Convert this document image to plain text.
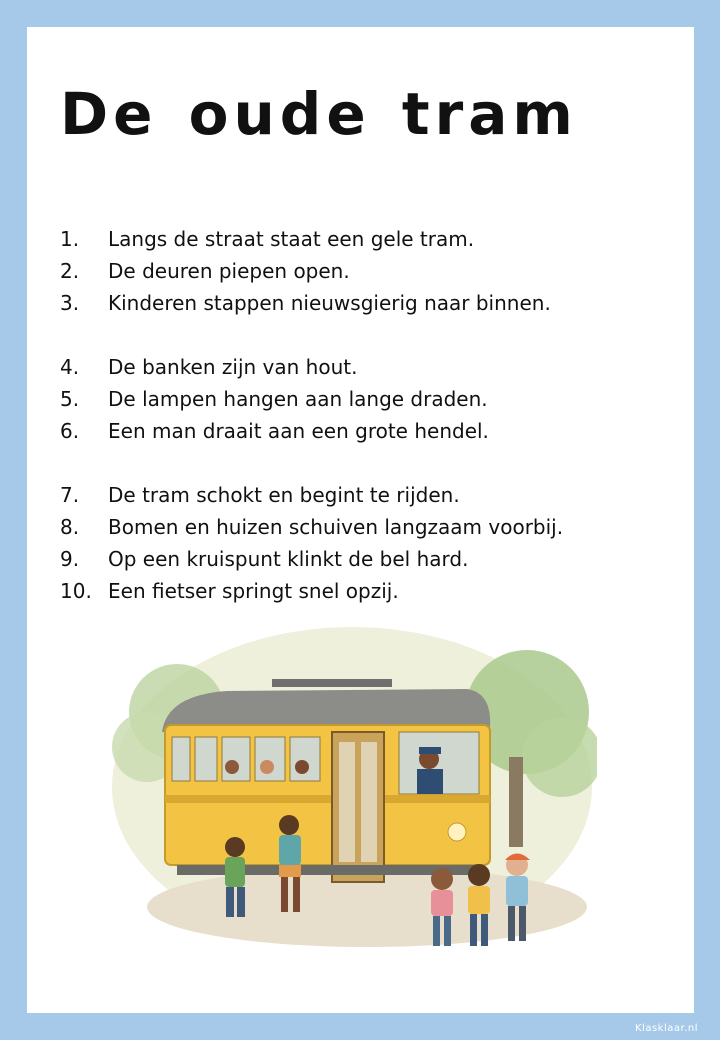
De oude tram
1. Langs de straat staat een gele tram.
2. De deuren piepen open.
3. Kinderen stappen nieuwsgierig naar binnen.
4. De banken zijn van hout.
5. De lampen hangen aan lange draden.
6. Een man draait aan een grote hendel.
7. De tram schokt en begint te rijden.
8. Bomen en huizen schuiven langzaam voorbij.
9. Op een kruispunt klinkt de bel hard.
10. Een fietser springt snel opzij.
Klasklaar.nl
